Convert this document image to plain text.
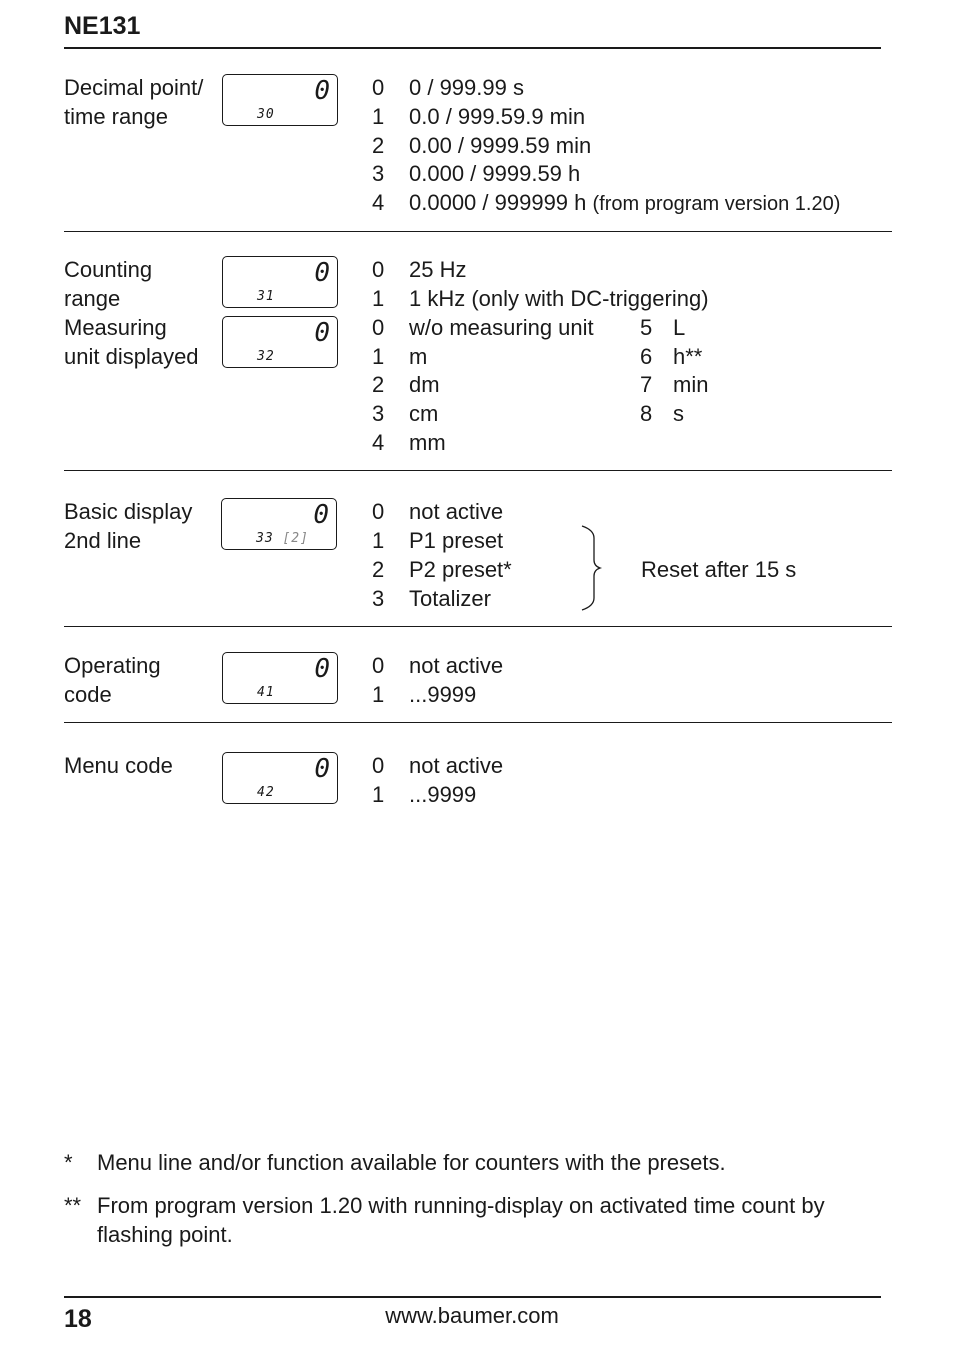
NE131
Decimal point/
time range
0
30
0 0 / 999.99 s
1 0.0 / 999.59.9 min
2 0.00 / 9999.59 min
3 0.000 / 9999.59 h
4 0.0000 / 999999 h (from program version 1.20)
Counting
range
Measuring
unit displayed
0
31
0
32
0 25 Hz
1 1 kHz (only with DC-triggering)
0 w/o measuring unit
1 m
2 dm
3 cm
4 mm
5 L
6 h**
7 min
8 s
Basic display
2nd line
0
33 [2]
0 not active
1 P1 preset
2 P2 preset*
3 Totalizer
Reset after 15 s
Operating
code
0
41
0 not active
1 ...9999
Menu code	0
42
0 not active
1 ...9999
* Menu line and/or function available for counters with the presets.
** From program version 1.20 with running-display on activated time count by flashing point.
18	www.baumer.com
